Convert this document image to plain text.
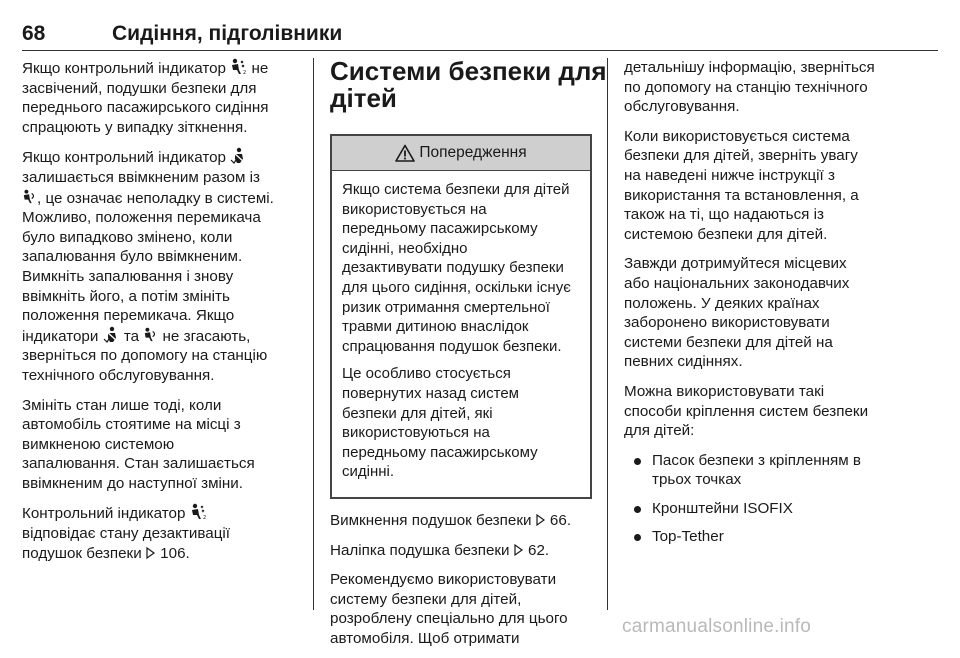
68	Сидіння, підголівники

Якщо контрольний індикатор не
засвічений, подушки безпеки для
переднього пасажирського сидіння
спрацюють у випадку зіткнення.

Якщо контрольний індикатор
залишається ввімкненим разом із
, це означає неполадку в системі.
Можливо, положення перемикача
було випадково змінено, коли
запалювання було ввімкненим.
Вимкніть запалювання і знову
ввімкніть його, а потім змініть
положення перемикача. Якщо
індикатори та не згасають,
зверніться по допомогу на станцію
технічного обслуговування.

Змініть стан лише тоді, коли
автомобіль стоятиме на місці з
вимкненою системою
запалювання. Стан залишається
ввімкненим до наступної зміни.

Контрольний індикатор
відповідає стану дезактивації
подушок безпеки 106.

Системи безпеки для
дітей
Попередження

Якщо система безпеки для дітей
використовується на
передньому пасажирському
сидінні, необхідно
дезактивувати подушку безпеки
для цього сидіння, оскільки існує
ризик отримання смертельної
травми дитиною внаслідок
спрацювання подушок безпеки.

Це особливо стосується
повернутих назад систем
безпеки для дітей, які
використовуються на
передньому пасажирському
сидінні.

Вимкнення подушок безпеки 66.

Наліпка подушка безпеки 62.

Рекомендуємо використовувати
систему безпеки для дітей,
розроблену спеціально для цього
автомобіля. Щоб отримати

детальнішу інформацію, зверніться
по допомогу на станцію технічного
обслуговування.

Коли використовується система
безпеки для дітей, зверніть увагу
на наведені нижче інструкції з
використання та встановлення, а
також на ті, що надаються із
системою безпеки для дітей.

Завжди дотримуйтеся місцевих
або національних законодавчих
положень. У деяких країнах
заборонено використовувати
системи безпеки для дітей на
певних сидіннях.

Можна використовувати такі
способи кріплення систем безпеки
для дітей:

Пасок безпеки з кріпленням в
трьох точках
Кронштейни ISOFIX
Top-Tether
carmanualsonline.info
